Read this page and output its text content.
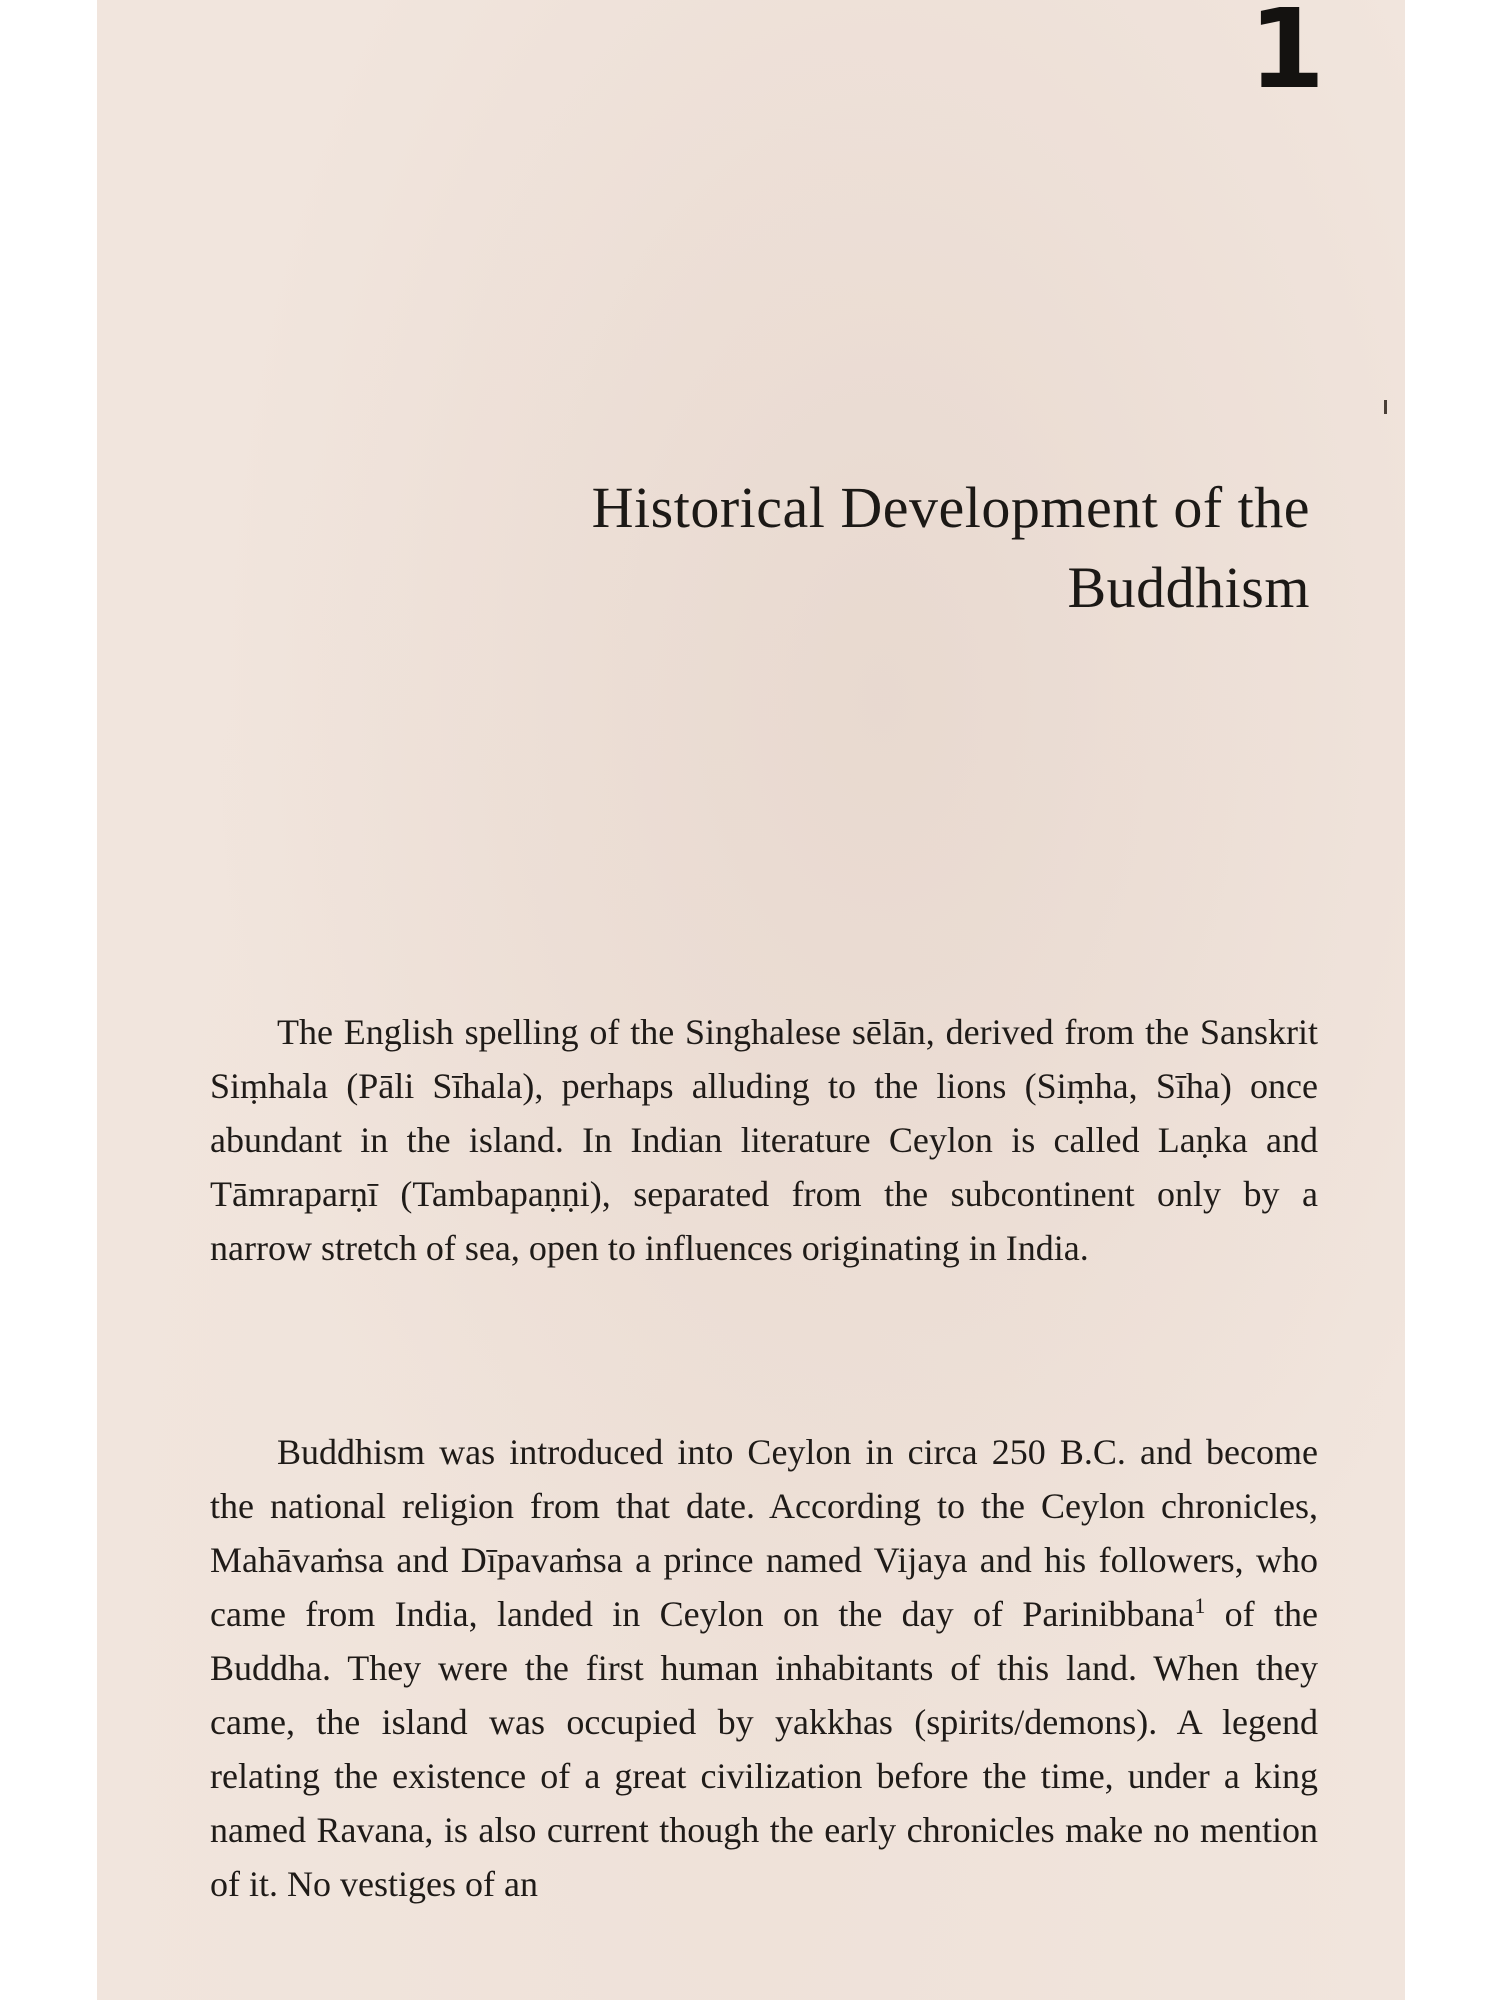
1
Historical Development of the
Buddhism

The English spelling of the Singhalese sēlān, derived from the Sanskrit Siṃhala (Pāli Sīhala), perhaps alluding to the lions (Siṃha, Sīha) once abundant in the island. In Indian literature Ceylon is called Laṇka and Tāmraparṇī (Tambapaṇṇi), separated from the subcontinent only by a narrow stretch of sea, open to influences originating in India.

Buddhism was introduced into Ceylon in circa 250 B.C. and become the national religion from that date. According to the Ceylon chronicles, Mahāvaṁsa and Dīpavaṁsa a prince named Vijaya and his followers, who came from India, landed in Ceylon on the day of Parinibbana$^1$ of the Buddha. They were the first human inhabitants of this land. When they came, the island was occupied by yakkhas (spirits/demons). A legend relating the existence of a great civilization before the time, under a king named Ravana, is also current though the early chronicles make no mention of it. No vestiges of an
